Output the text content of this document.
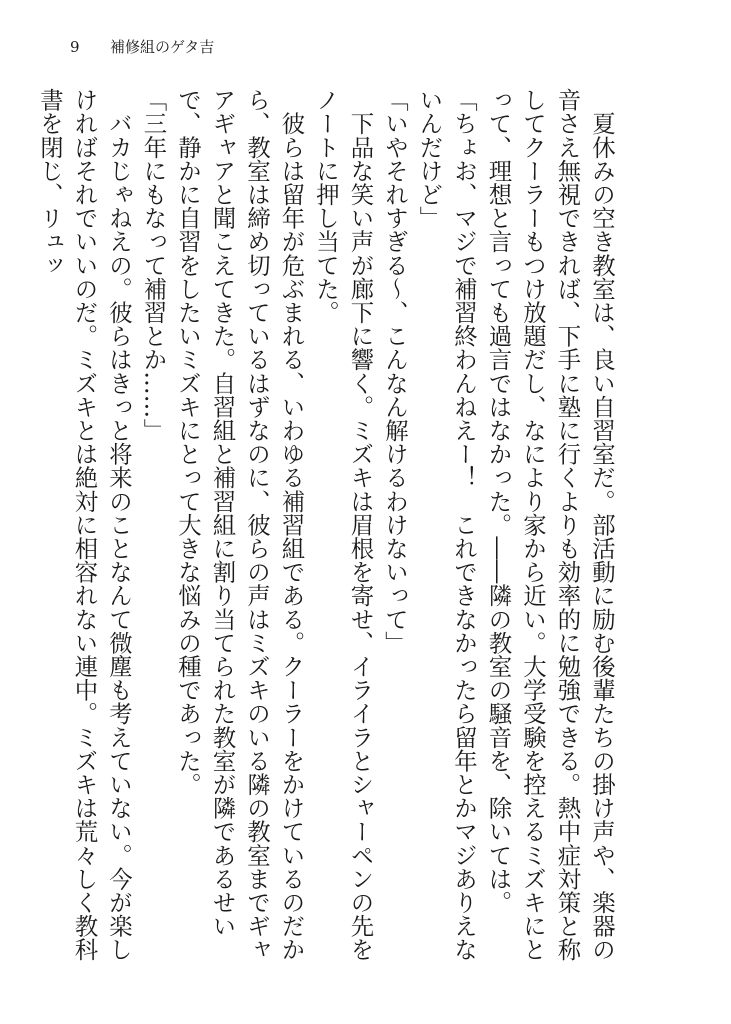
9 補修組のゲタ吉

　夏休みの空き教室は、良い自習室だ。部活動に励む後輩たちの掛け声や、楽器の音さえ無視できれば、下手に塾に行くよりも効率的に勉強できる。熱中症対策と称してクーラーもつけ放題だし、なにより家から近い。大学受験を控えるミズキにとって、理想と言っても過言ではなかった。――隣の教室の騒音を、除いては。

「ちょお、マジで補習終わんねえー！　これできなかったら留年とかマジありえないんだけど」

「いやそれすぎる〜、こんなん解けるわけないって」

　下品な笑い声が廊下に響く。ミズキは眉根を寄せ、イライラとシャーペンの先をノートに押し当てた。

　彼らは留年が危ぶまれる、いわゆる補習組である。クーラーをかけているのだから、教室は締め切っているはずなのに、彼らの声はミズキのいる隣の教室までギャアギャアと聞こえてきた。自習組と補習組に割り当てられた教室が隣であるせいで、静かに自習をしたいミズキにとって大きな悩みの種であった。

「三年にもなって補習とか……」

　バカじゃねえの。彼らはきっと将来のことなんて微塵も考えていない。今が楽しければそれでいいのだ。ミズキとは絶対に相容れない連中。ミズキは荒々しく教科書を閉じ、リュッ
